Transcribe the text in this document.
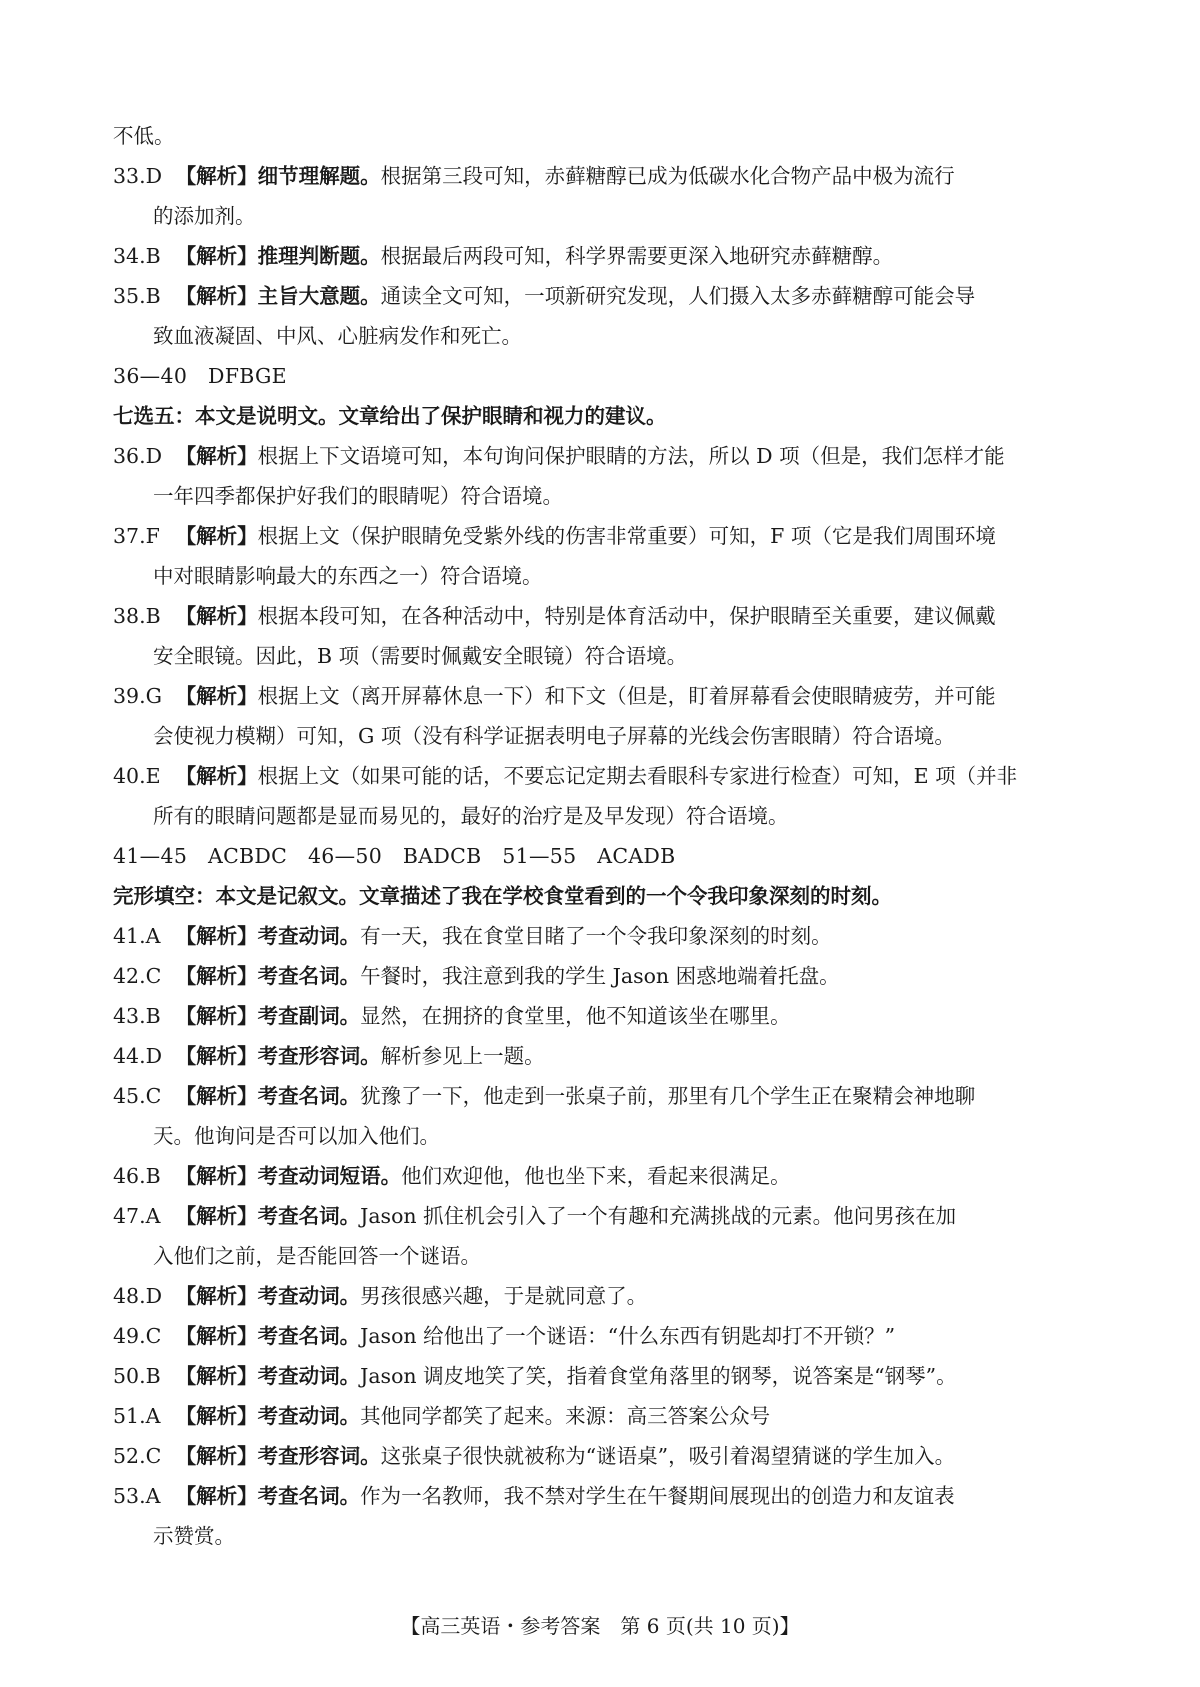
不低。

33.D 【解析】细节理解题。根据第三段可知，赤藓糖醇已成为低碳水化合物产品中极为流行

的添加剂。

34.B 【解析】推理判断题。根据最后两段可知，科学界需要更深入地研究赤藓糖醇。

35.B 【解析】主旨大意题。通读全文可知，一项新研究发现，人们摄入太多赤藓糖醇可能会导

致血液凝固、中风、心脏病发作和死亡。

36—40　DFBGE

七选五：本文是说明文。文章给出了保护眼睛和视力的建议。

36.D 【解析】根据上下文语境可知，本句询问保护眼睛的方法，所以 D 项（但是，我们怎样才能

一年四季都保护好我们的眼睛呢）符合语境。

37.F 【解析】根据上文（保护眼睛免受紫外线的伤害非常重要）可知，F 项（它是我们周围环境

中对眼睛影响最大的东西之一）符合语境。

38.B 【解析】根据本段可知，在各种活动中，特别是体育活动中，保护眼睛至关重要，建议佩戴

安全眼镜。因此，B 项（需要时佩戴安全眼镜）符合语境。

39.G 【解析】根据上文（离开屏幕休息一下）和下文（但是，盯着屏幕看会使眼睛疲劳，并可能

会使视力模糊）可知，G 项（没有科学证据表明电子屏幕的光线会伤害眼睛）符合语境。

40.E 【解析】根据上文（如果可能的话，不要忘记定期去看眼科专家进行检查）可知，E 项（并非

所有的眼睛问题都是显而易见的，最好的治疗是及早发现）符合语境。

41—45　ACBDC　46—50　BADCB　51—55　ACADB

完形填空：本文是记叙文。文章描述了我在学校食堂看到的一个令我印象深刻的时刻。

41.A 【解析】考查动词。有一天，我在食堂目睹了一个令我印象深刻的时刻。

42.C 【解析】考查名词。午餐时，我注意到我的学生 Jason 困惑地端着托盘。

43.B 【解析】考查副词。显然，在拥挤的食堂里，他不知道该坐在哪里。

44.D 【解析】考查形容词。解析参见上一题。

45.C 【解析】考查名词。犹豫了一下，他走到一张桌子前，那里有几个学生正在聚精会神地聊

天。他询问是否可以加入他们。

46.B 【解析】考查动词短语。他们欢迎他，他也坐下来，看起来很满足。

47.A 【解析】考查名词。Jason 抓住机会引入了一个有趣和充满挑战的元素。他问男孩在加

入他们之前，是否能回答一个谜语。

48.D 【解析】考查动词。男孩很感兴趣，于是就同意了。

49.C 【解析】考查名词。Jason 给他出了一个谜语：“什么东西有钥匙却打不开锁？”

50.B 【解析】考查动词。Jason 调皮地笑了笑，指着食堂角落里的钢琴，说答案是“钢琴”。

51.A 【解析】考查动词。其他同学都笑了起来。来源：高三答案公众号

52.C 【解析】考查形容词。这张桌子很快就被称为“谜语桌”，吸引着渴望猜谜的学生加入。

53.A 【解析】考查名词。作为一名教师，我不禁对学生在午餐期间展现出的创造力和友谊表

示赞赏。

【高三英语・参考答案　第 6 页(共 10 页)】
